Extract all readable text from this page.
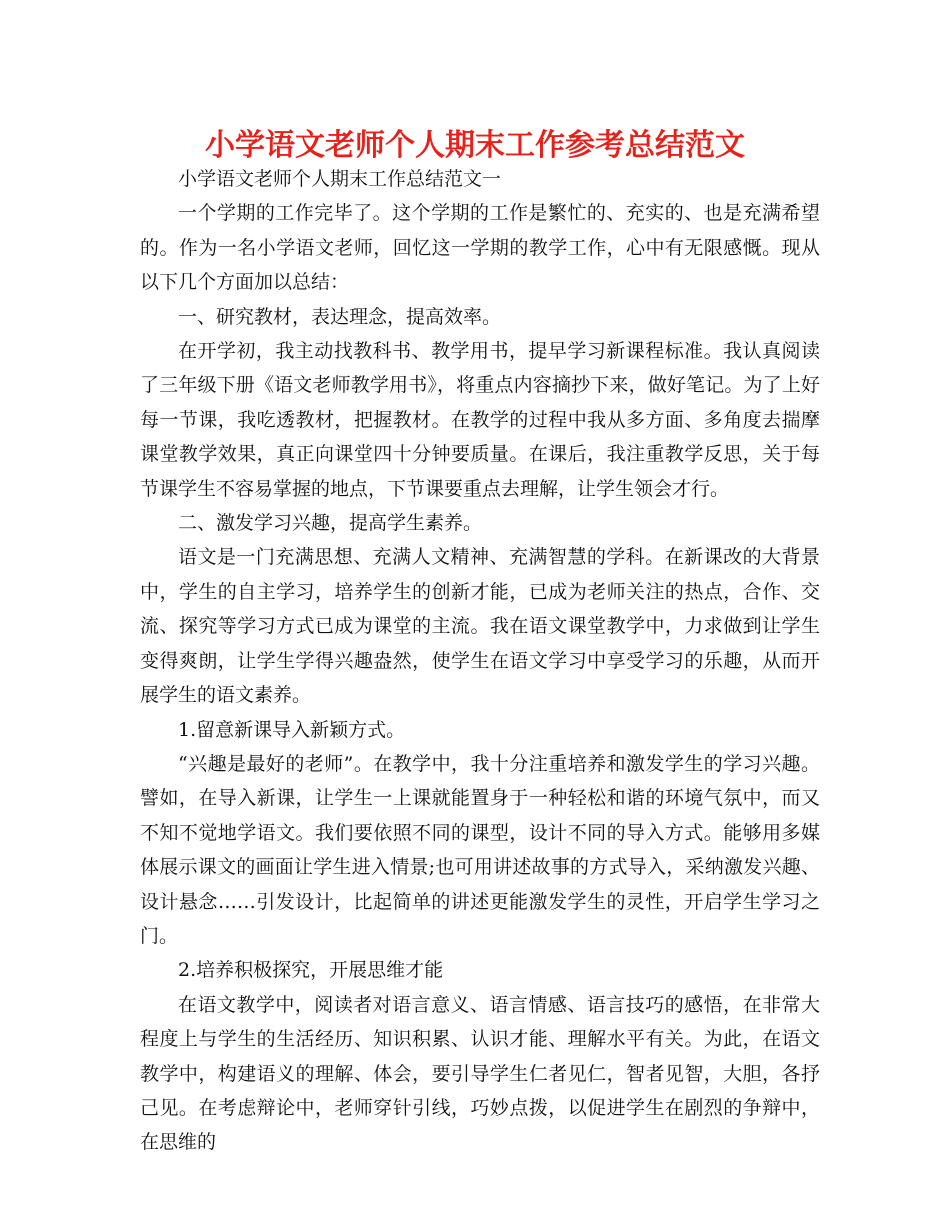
小学语文老师个人期末工作参考总结范文

小学语文老师个人期末工作总结范文一

一个学期的工作完毕了。这个学期的工作是繁忙的、充实的、也是充满希望的。作为一名小学语文老师，回忆这一学期的教学工作，心中有无限感慨。现从以下几个方面加以总结：

一、研究教材，表达理念，提高效率。

在开学初，我主动找教科书、教学用书，提早学习新课程标准。我认真阅读了三年级下册《语文老师教学用书》，将重点内容摘抄下来，做好笔记。为了上好每一节课，我吃透教材，把握教材。在教学的过程中我从多方面、多角度去揣摩课堂教学效果，真正向课堂四十分钟要质量。在课后，我注重教学反思，关于每节课学生不容易掌握的地点，下节课要重点去理解，让学生领会才行。

二、激发学习兴趣，提高学生素养。

语文是一门充满思想、充满人文精神、充满智慧的学科。在新课改的大背景中，学生的自主学习，培养学生的创新才能，已成为老师关注的热点，合作、交流、探究等学习方式已成为课堂的主流。我在语文课堂教学中，力求做到让学生变得爽朗，让学生学得兴趣盎然，使学生在语文学习中享受学习的乐趣，从而开展学生的语文素养。

1.留意新课导入新颖方式。

“兴趣是最好的老师”。在教学中，我十分注重培养和激发学生的学习兴趣。譬如，在导入新课，让学生一上课就能置身于一种轻松和谐的环境气氛中，而又不知不觉地学语文。我们要依照不同的课型，设计不同的导入方式。能够用多媒体展示课文的画面让学生进入情景;也可用讲述故事的方式导入，采纳激发兴趣、设计悬念……引发设计，比起简单的讲述更能激发学生的灵性，开启学生学习之门。

2.培养积极探究，开展思维才能

在语文教学中，阅读者对语言意义、语言情感、语言技巧的感悟，在非常大程度上与学生的生活经历、知识积累、认识才能、理解水平有关。为此，在语文教学中，构建语义的理解、体会，要引导学生仁者见仁，智者见智，大胆，各抒己见。在考虑辩论中，老师穿针引线，巧妙点拨，以促进学生在剧烈的争辩中，在思维的
